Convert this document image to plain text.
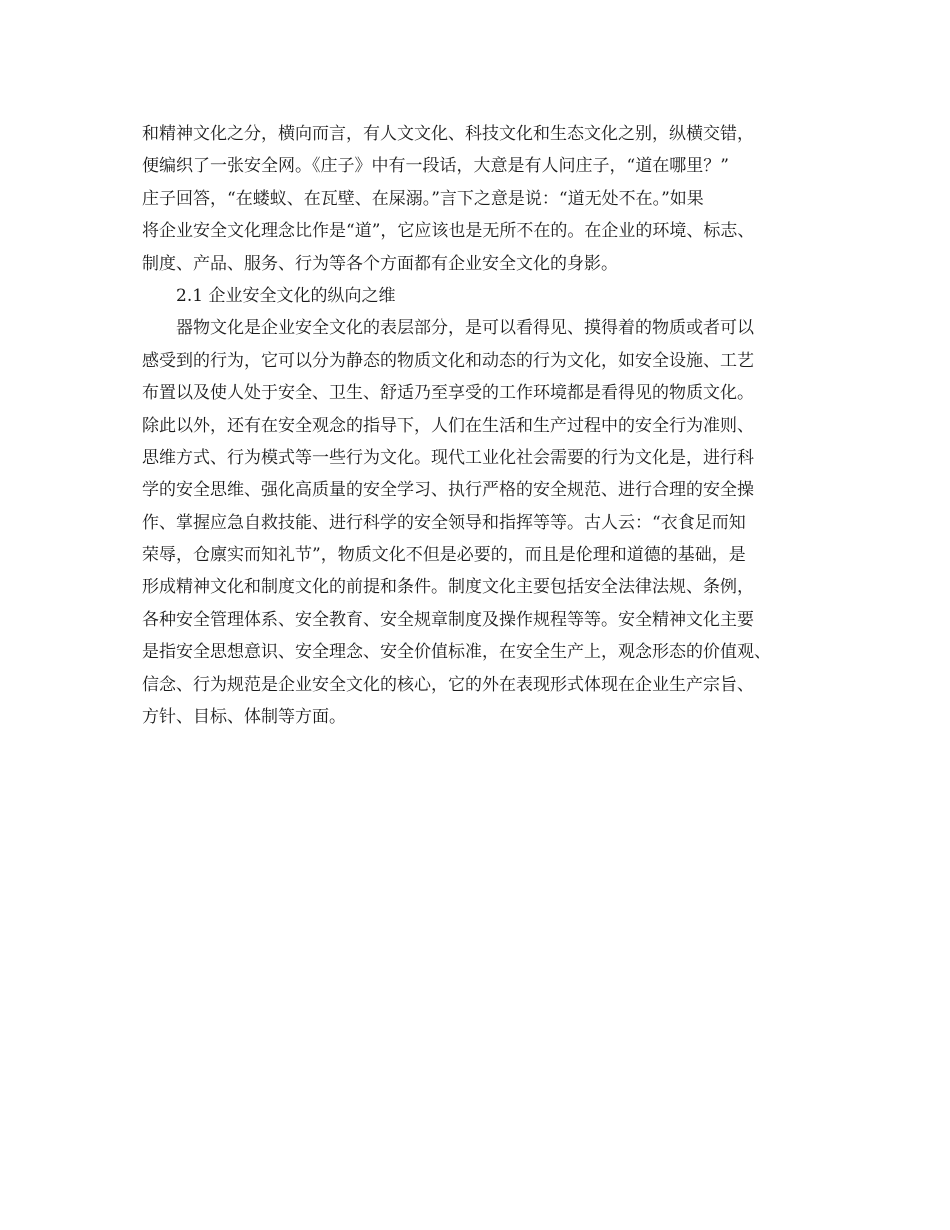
和精神文化之分，横向而言，有人文文化、科技文化和生态文化之别，纵横交错，
便编织了一张安全网。《庄子》中有一段话，大意是有人问庄子，“道在哪里？”
庄子回答，“在蝼蚁、在瓦壁、在屎溺。”言下之意是说：“道无处不在。”如果
将企业安全文化理念比作是“道”，它应该也是无所不在的。在企业的环境、标志、
制度、产品、服务、行为等各个方面都有企业安全文化的身影。
2.1 企业安全文化的纵向之维
器物文化是企业安全文化的表层部分，是可以看得见、摸得着的物质或者可以
感受到的行为，它可以分为静态的物质文化和动态的行为文化，如安全设施、工艺
布置以及使人处于安全、卫生、舒适乃至享受的工作环境都是看得见的物质文化。
除此以外，还有在安全观念的指导下，人们在生活和生产过程中的安全行为准则、
思维方式、行为模式等一些行为文化。现代工业化社会需要的行为文化是，进行科
学的安全思维、强化高质量的安全学习、执行严格的安全规范、进行合理的安全操
作、掌握应急自救技能、进行科学的安全领导和指挥等等。古人云：“衣食足而知
荣辱，仓廪实而知礼节”，物质文化不但是必要的，而且是伦理和道德的基础，是
形成精神文化和制度文化的前提和条件。制度文化主要包括安全法律法规、条例，
各种安全管理体系、安全教育、安全规章制度及操作规程等等。安全精神文化主要
是指安全思想意识、安全理念、安全价值标准，在安全生产上，观念形态的价值观、
信念、行为规范是企业安全文化的核心，它的外在表现形式体现在企业生产宗旨、
方针、目标、体制等方面。
